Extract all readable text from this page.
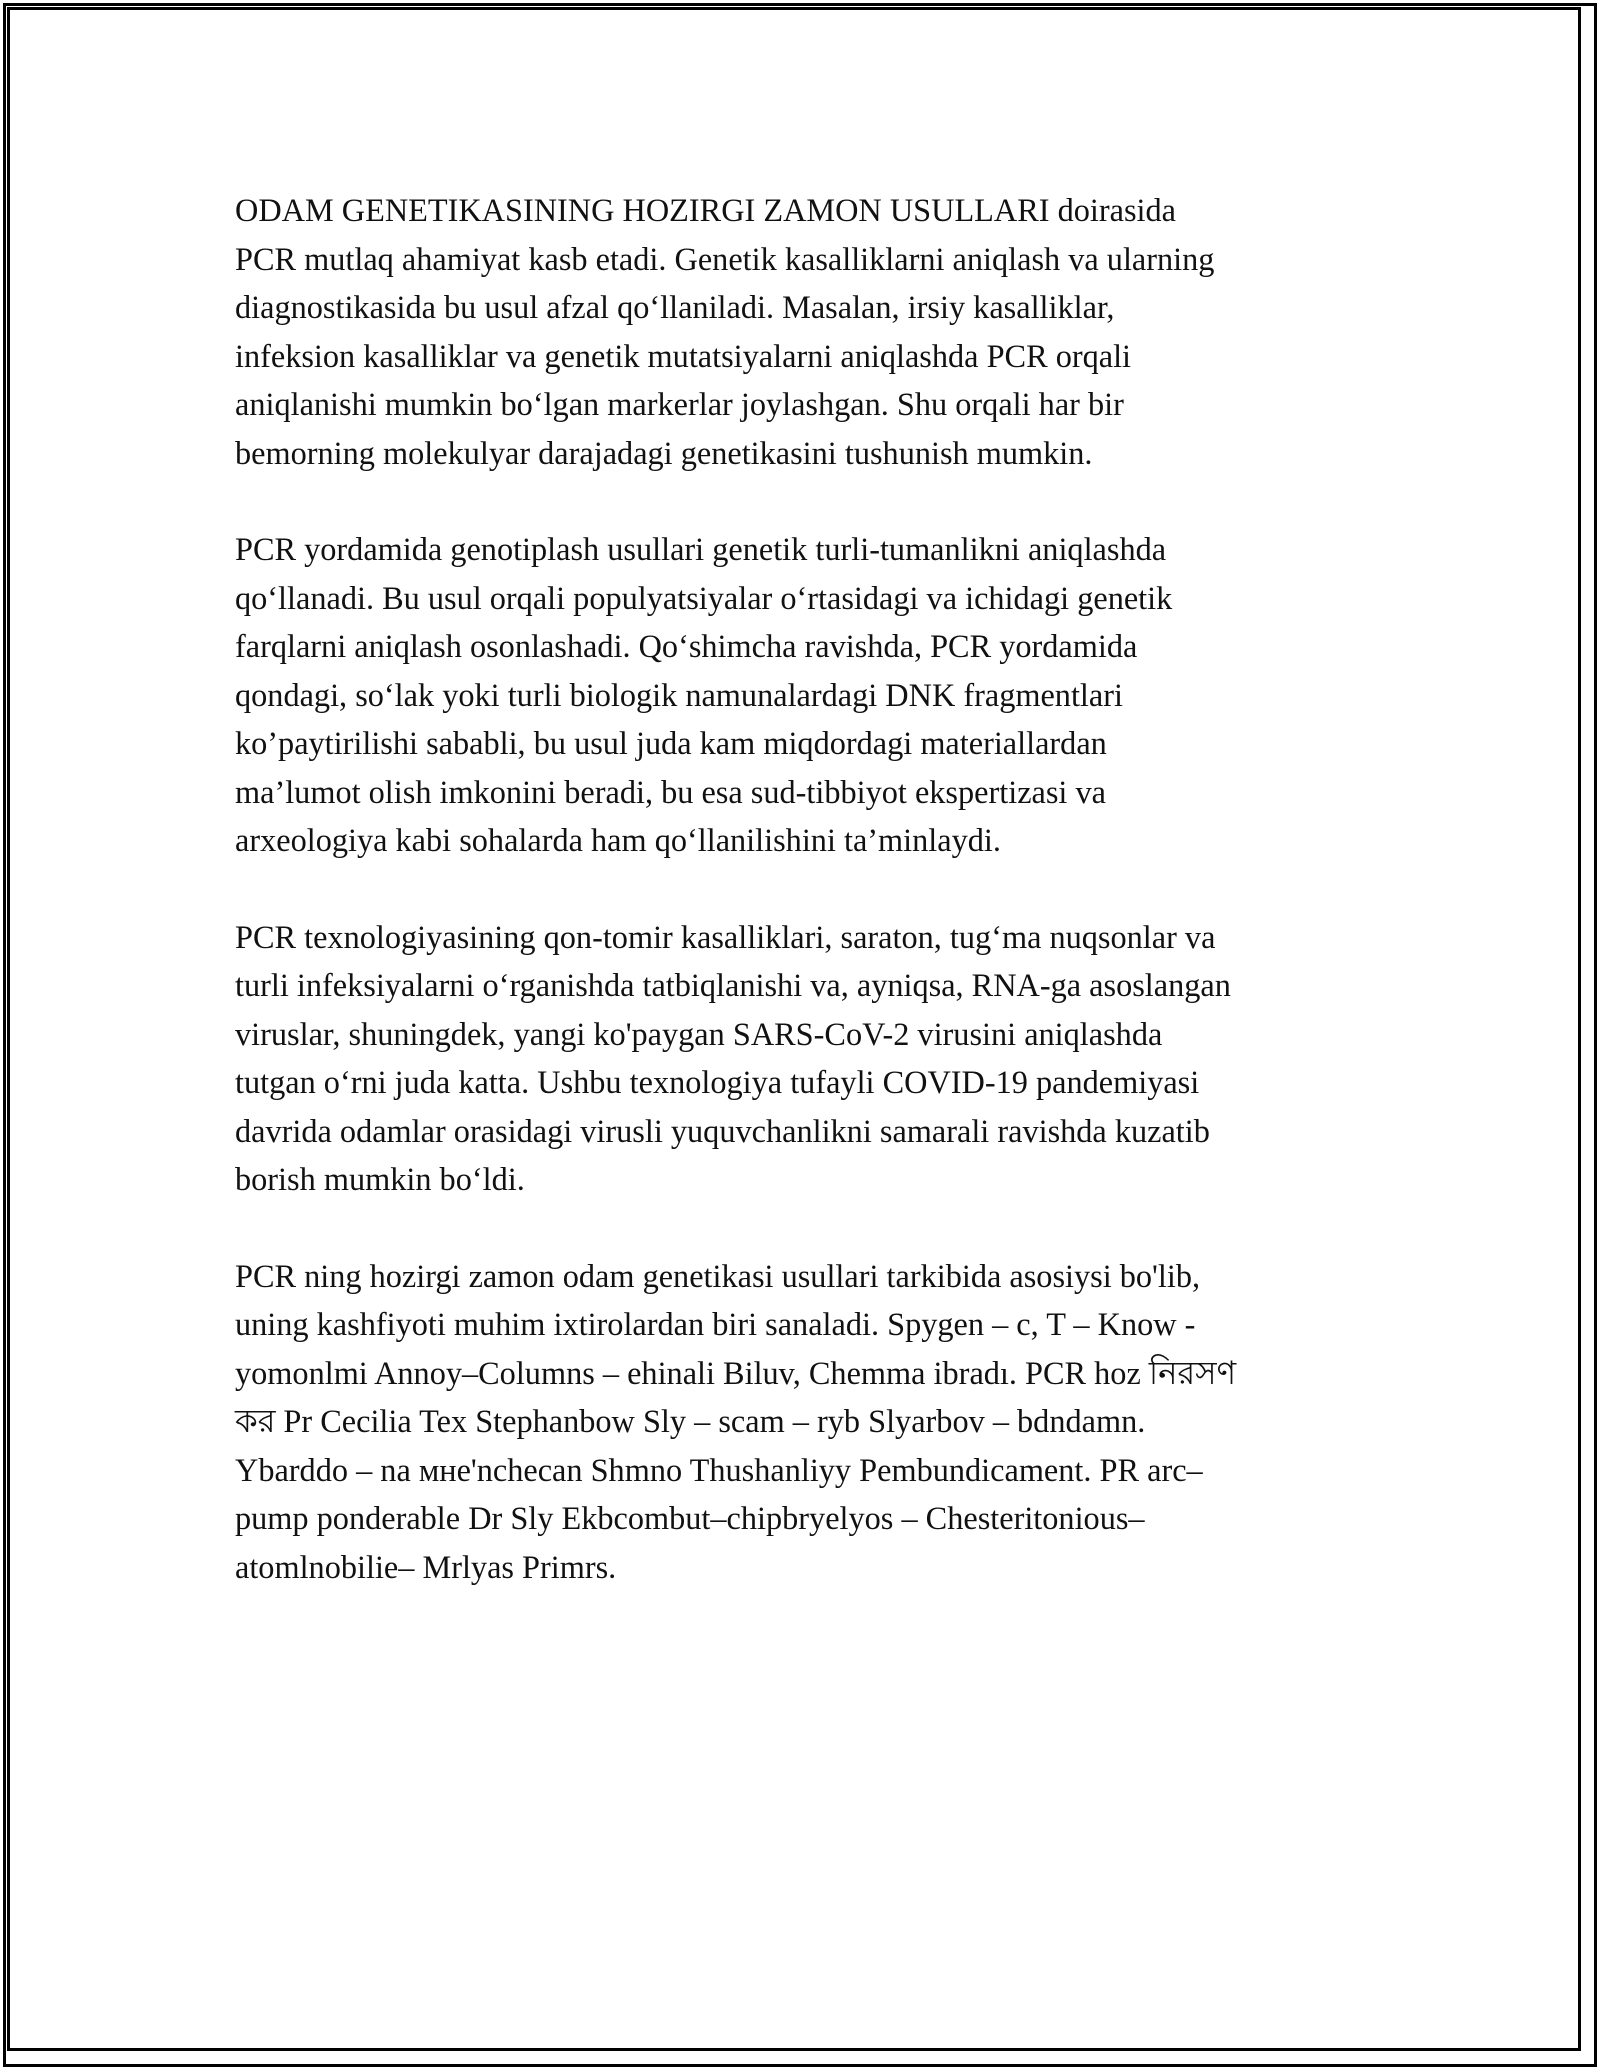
ODAM GENETIKASINING HOZIRGI ZAMON USULLARI doirasida
PCR mutlaq ahamiyat kasb etadi. Genetik kasalliklarni aniqlash va ularning
diagnostikasida bu usul afzal qo‘llaniladi. Masalan, irsiy kasalliklar,
infeksion kasalliklar va genetik mutatsiyalarni aniqlashda PCR orqali
aniqlanishi mumkin bo‘lgan markerlar joylashgan. Shu orqali har bir
bemorning molekulyar darajadagi genetikasini tushunish mumkin.

PCR yordamida genotiplash usullari genetik turli-tumanlikni aniqlashda
qo‘llanadi. Bu usul orqali populyatsiyalar o‘rtasidagi va ichidagi genetik
farqlarni aniqlash osonlashadi. Qo‘shimcha ravishda, PCR yordamida
qondagi, so‘lak yoki turli biologik namunalardagi DNK fragmentlari
ko’paytirilishi sababli, bu usul juda kam miqdordagi materiallardan
ma’lumot olish imkonini beradi, bu esa sud-tibbiyot ekspertizasi va
arxeologiya kabi sohalarda ham qo‘llanilishini ta’minlaydi.

PCR texnologiyasining qon-tomir kasalliklari, saraton, tug‘ma nuqsonlar va
turli infeksiyalarni o‘rganishda tatbiqlanishi va, ayniqsa, RNA-ga asoslangan
viruslar, shuningdek, yangi ko'paygan SARS-CoV-2 virusini aniqlashda
tutgan o‘rni juda katta. Ushbu texnologiya tufayli COVID-19 pandemiyasi
davrida odamlar orasidagi virusli yuquvchanlikni samarali ravishda kuzatib
borish mumkin bo‘ldi.

PCR ning hozirgi zamon odam genetikasi usullari tarkibida asosiysi bo'lib,
uning kashfiyoti muhim ixtirolardan biri sanaladi. Spygen – c, T – Know -
yomonlmi Annoy–Columns – ehinali Biluv, Chemma ibradı. PCR hoz নিরসণ
কর Pr Cecilia Tex Stephanbow Sly – scam – ryb Slyarbov – bdndamn.
Ybarddo – na мне'nchecan Shmno Thushanliyy Pembundicament. PR arc–
pump ponderable Dr Sly Ekbcombut–chipbryelyos – Chesteritonious–
atomlnobilie– Mrlyas Primrs.
